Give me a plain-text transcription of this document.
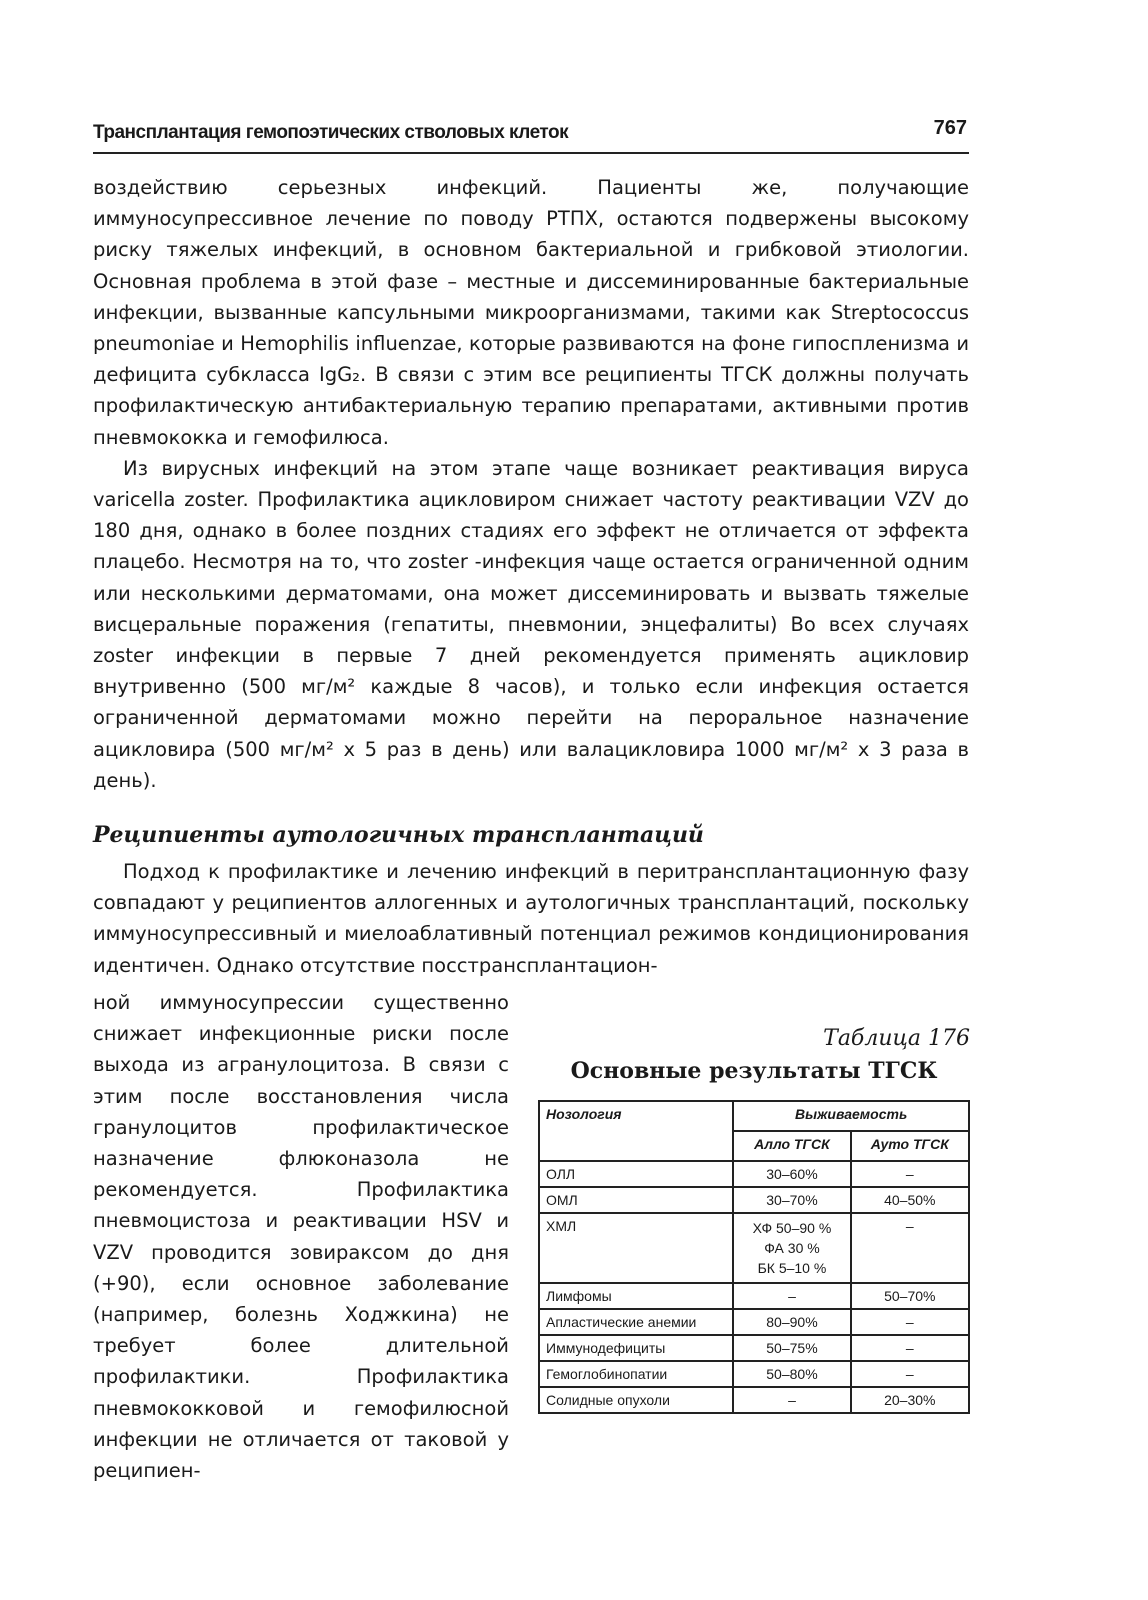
Трансплантация гемопоэтических стволовых клеток	767

воздействию серьезных инфекций. Пациенты же, получающие иммуносупрессивное лечение по поводу РТПХ, остаются подвержены высокому риску тяжелых инфекций, в основном бактериальной и грибковой этиологии. Основная проблема в этой фазе – местные и диссеминированные бактериальные инфекции, вызванные капсульными микроорганизмами, такими как Streptococcus pneumoniae и Hemophilis influenzae, которые развиваются на фоне гипоспленизма и дефицита субкласса IgG₂. В связи с этим все реципиенты ТГСК должны получать профилактическую антибактериальную терапию препаратами, активными против пневмококка и гемофилюса.

Из вирусных инфекций на этом этапе чаще возникает реактивация вируса varicella zoster. Профилактика ацикловиром снижает частоту реактивации VZV до 180 дня, однако в более поздних стадиях его эффект не отличается от эффекта плацебо. Несмотря на то, что zoster -инфекция чаще остается ограниченной одним или несколькими дерматомами, она может диссеминировать и вызвать тяжелые висцеральные поражения (гепатиты, пневмонии, энцефалиты) Во всех случаях zoster инфекции в первые 7 дней рекомендуется применять ацикловир внутривенно (500 мг/м² каждые 8 часов), и только если инфекция остается ограниченной дерматомами можно перейти на пероральное назначение ацикловира (500 мг/м² х 5 раз в день) или валацикловира 1000 мг/м² х 3 раза в день).

Реципиенты аутологичных трансплантаций

Подход к профилактике и лечению инфекций в перитрансплантационную фазу совпадают у реципиентов аллогенных и аутологичных трансплантаций, поскольку иммуносупрессивный и миелоаблативный потенциал режимов кондиционирования идентичен. Однако отсутствие посстрансплантацион-

ной иммуносупрессии существенно снижает инфекционные риски после выхода из агранулоцитоза. В связи с этим после восстановления числа гранулоцитов профилактическое назначение флюконазола не рекомендуется. Профилактика пневмоцистоза и реактивации HSV и VZV проводится зовираксом до дня (+90), если основное заболевание (например, болезнь Ходжкина) не требует более длительной профилактики. Профилактика пневмококковой и гемофилюсной инфекции не отличается от таковой у реципиен-

Таблица 176
Основные результаты ТГСК
Нозология	Выживаемость	
	Алло ТГСК	Ауто ТГСК
ОЛЛ	30–60%	–
ОМЛ	30–70%	40–50%
ХМЛ	ХФ 50–90 %
ФА 30 %
БК 5–10 %	–
Лимфомы	–	50–70%
Апластические анемии	80–90%	–
Иммунодефициты	50–75%	–
Гемоглобинопатии	50–80%	–
Солидные опухоли	–	20–30%
